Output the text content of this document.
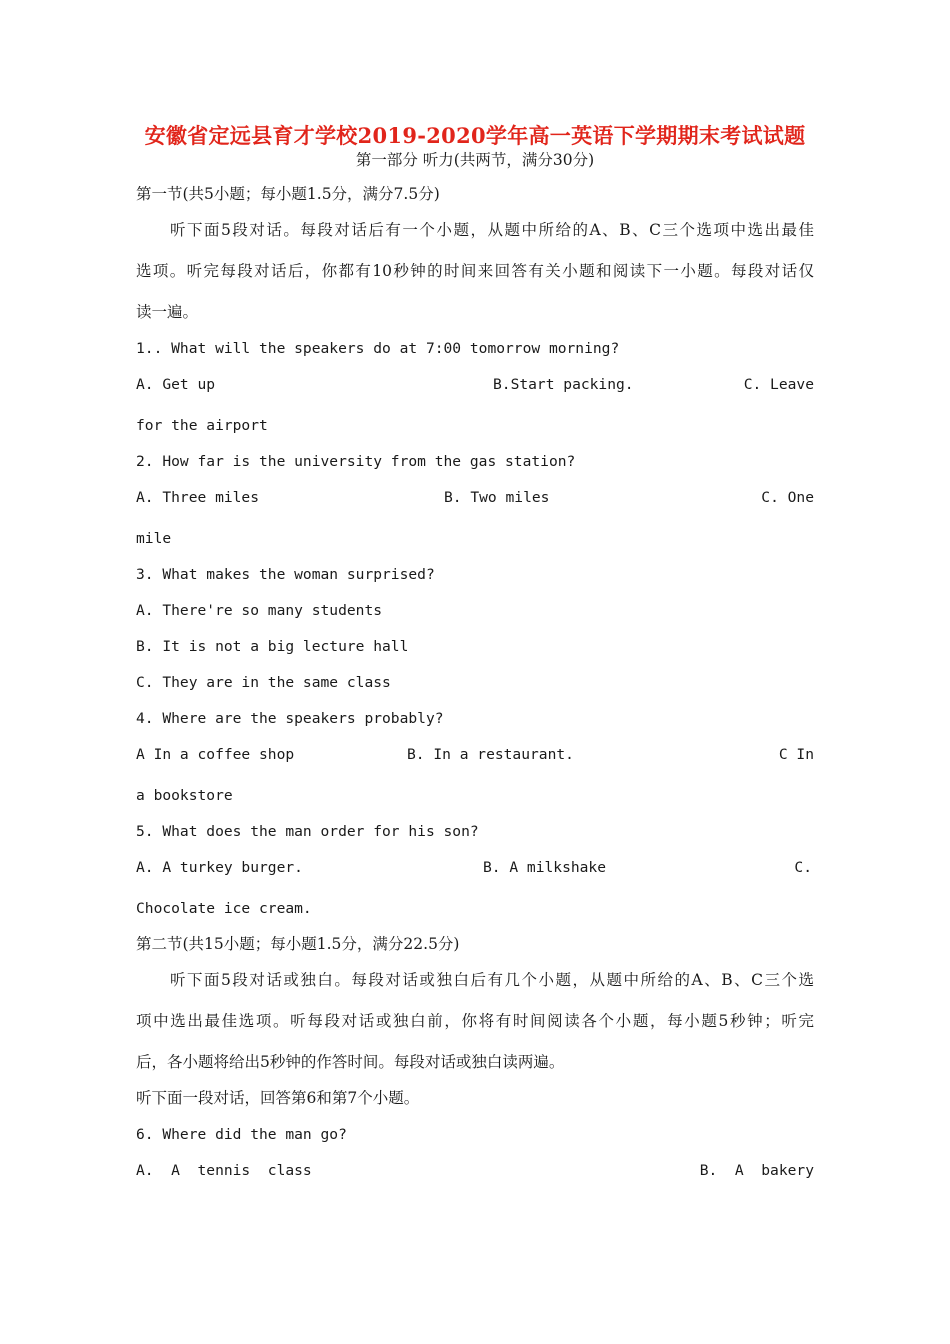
安徽省定远县育才学校2019-2020学年高一英语下学期期末考试试题
第一部分 听力(共两节，满分30分)
第一节(共5小题；每小题1.5分，满分7.5分)
听下面5段对话。每段对话后有一个小题，从题中所给的A、B、C三个选项中选出最佳
选项。听完每段对话后，你都有10秒钟的时间来回答有关小题和阅读下一小题。每段对话仅
读一遍。
1.. What will the speakers do at 7:00 tomorrow morning?
A. Get up	B.Start packing.	C. Leave
for the airport
2. How far is the university from the gas station?
A. Three miles	B. Two miles	C. One
mile
3. What makes the woman surprised?
A. There're so many students
B. It is not a big lecture hall
C. They are in the same class
4. Where are the speakers probably?
A In a coffee shop	B. In a restaurant.	C In
a bookstore
5. What does the man order for his son?
A. A turkey burger.	B. A milkshake	C.
Chocolate ice cream.
第二节(共15小题；每小题1.5分，满分22.5分)
听下面5段对话或独白。每段对话或独白后有几个小题，从题中所给的A、B、C三个选
项中选出最佳选项。听每段对话或独白前，你将有时间阅读各个小题，每小题5秒钟；听完
后，各小题将给出5秒钟的作答时间。每段对话或独白读两遍。
听下面一段对话，回答第6和第7个小题。
6. Where did the man go?
A.  A  tennis  class	B.  A  bakery
